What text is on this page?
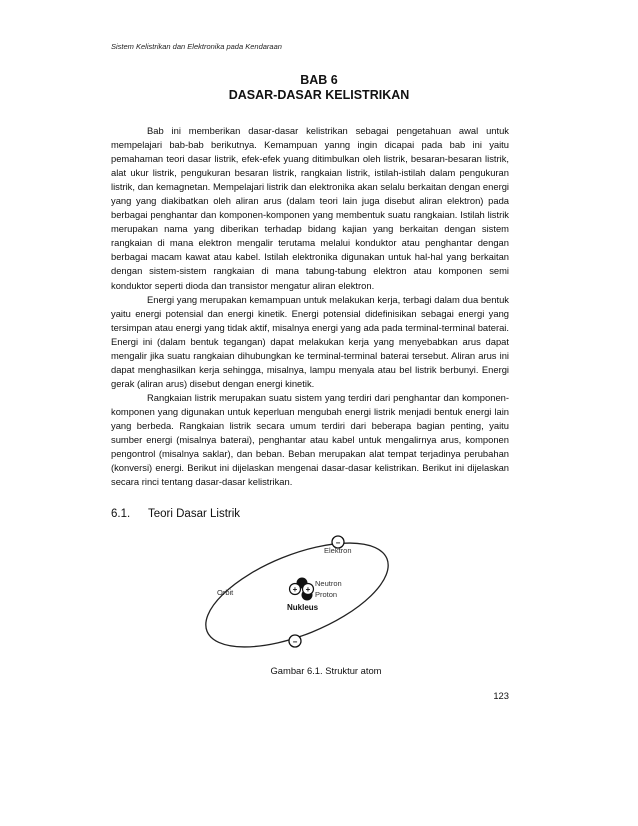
Sistem Kelistrikan dan Elektronika pada Kendaraan
BAB 6
DASAR-DASAR KELISTRIKAN

Bab ini memberikan dasar-dasar kelistrikan sebagai pengetahuan awal untuk mempelajari bab-bab berikutnya. Kemampuan yanng ingin dicapai pada bab ini yaitu pemahaman teori dasar listrik, efek-efek yuang ditimbulkan oleh listrik, besaran-besaran listrik, alat ukur listrik, pengukuran besaran listrik, rangkaian listrik, istilah-istilah dalam pengukuran listrik, dan kemagnetan. Mempelajari listrik dan elektronika akan selalu berkaitan dengan energi yang yang diakibatkan oleh aliran arus (dalam teori lain juga disebut aliran elektron) pada berbagai penghantar dan komponen-komponen yang membentuk suatu rangkaian. Istilah listrik merupakan nama yang diberikan terhadap bidang kajian yang berkaitan dengan sistem rangkaian di mana elektron mengalir terutama melalui konduktor atau penghantar dengan berbagai macam kawat atau kabel. Istilah elektronika digunakan untuk hal-hal yang berkaitan dengan sistem-sistem rangkaian di mana tabung-tabung elektron atau komponen semi konduktor seperti dioda dan transistor mengatur aliran elektron.

Energi yang merupakan kemampuan untuk melakukan kerja, terbagi dalam dua bentuk yaitu energi potensial dan energi kinetik. Energi potensial didefinisikan sebagai energi yang tersimpan atau energi yang tidak aktif, misalnya energi yang ada pada terminal-terminal baterai. Energi ini (dalam bentuk tegangan) dapat melakukan kerja yang menyebabkan arus dapat mengalir jika suatu rangkaian dihubungkan ke terminal-terminal baterai tersebut. Aliran arus ini dapat menghasilkan kerja sehingga, misalnya, lampu menyala atau bel listrik berbunyi. Energi gerak (aliran arus) disebut dengan energi kinetik.

Rangkaian listrik merupakan suatu sistem yang terdiri dari penghantar dan komponen-komponen yang digunakan untuk keperluan mengubah energi listrik menjadi bentuk energi lain yang berbeda. Rangkaian listrik secara umum terdiri dari beberapa bagian penting, yaitu sumber energi (misalnya baterai), penghantar atau kabel untuk mengalirnya arus, komponen pengontrol (misalnya saklar), dan beban. Beban merupakan alat tempat terjadinya perubahan (konversi) energi. Berikut ini dijelaskan mengenai dasar-dasar kelistrikan. Berikut ini dijelaskan secara rinci tentang dasar-dasar kelistrikan.

6.1. Teori Dasar Listrik
−
−
+ +
Elektron
Neutron
Proton
Orbit
Nukleus
Gambar 6.1. Struktur atom
123
